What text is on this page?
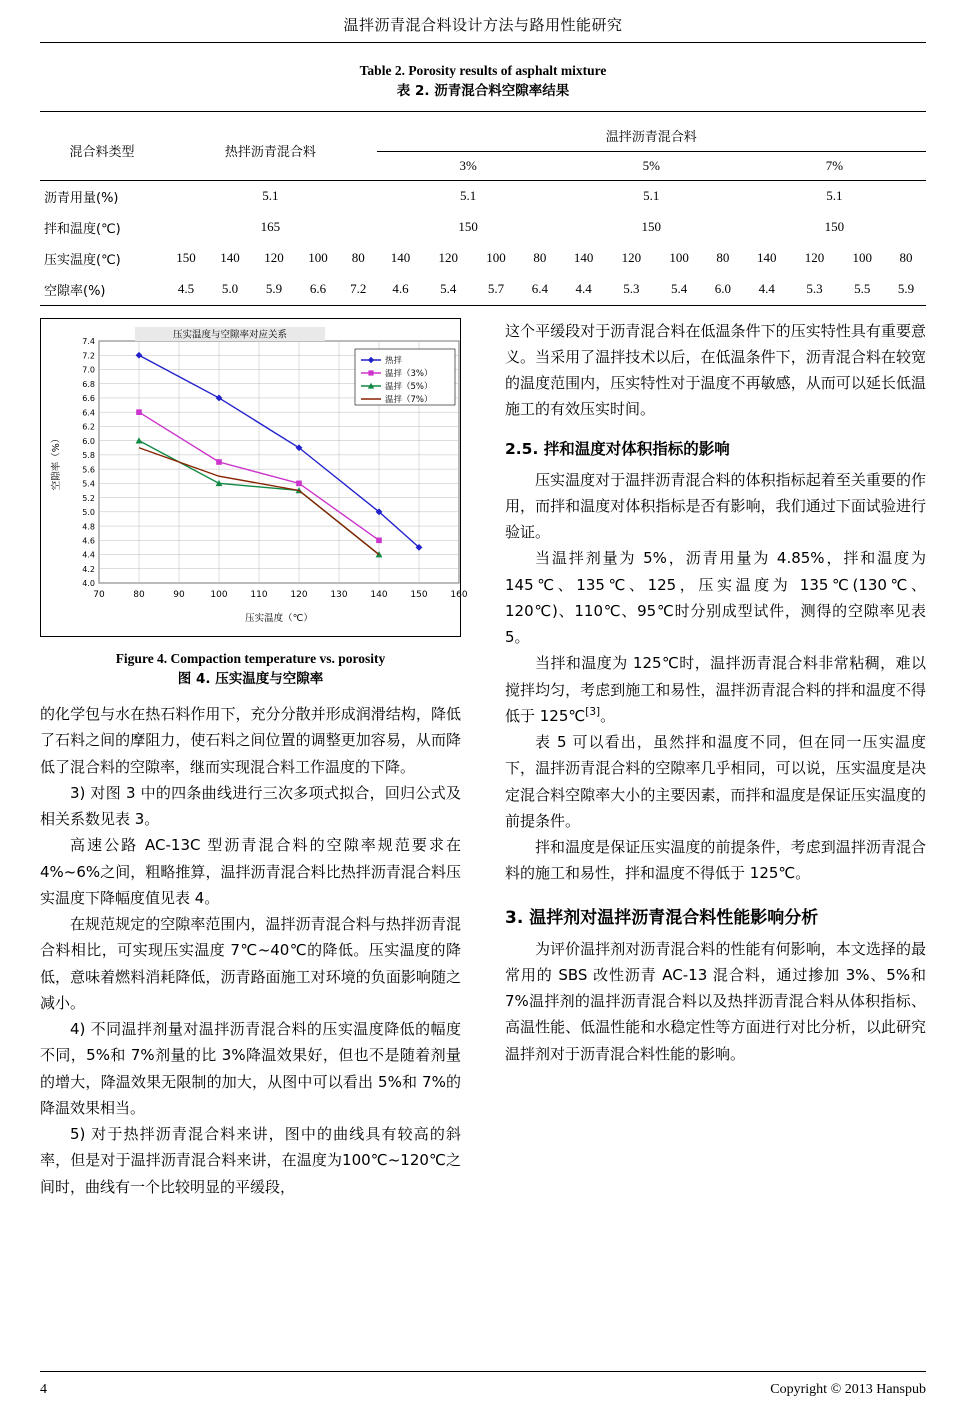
温拌沥青混合料设计方法与路用性能研究
Table 2. Porosity results of asphalt mixture
表 2. 沥青混合料空隙率结果
混合料类型	热拌沥青混合料					温拌沥青混合料											
						3%				5%				7%			
沥青用量(%)	5.1					5.1				5.1				5.1			
拌和温度(℃)	165					150				150				150			
压实温度(℃)	150	140	120	100	80	140	120	100	80	140	120	100	80	140	120	100	80
空隙率(%)	4.5	5.0	5.9	6.6	7.2	4.6	5.4	5.7	6.4	4.4	5.3	5.4	6.0	4.4	5.3	5.5	5.9
4.0
4.2
4.4
4.6
4.8
5.0
5.2
5.4
5.6
5.8
6.0
6.2
6.4
6.6
6.8
7.0
7.2
7.4
70	80	90	100	110	120	130	140	150	160
压实温度与空隙率对应关系
压实温度（℃）
空隙率（%）
热拌
温拌（3%）
温拌（5%）
温拌（7%）
Figure 4. Compaction temperature vs. porosity
图 4. 压实温度与空隙率

的化学包与水在热石料作用下，充分分散并形成润滑结构，降低了石料之间的摩阻力，使石料之间位置的调整更加容易，从而降低了混合料的空隙率，继而实现混合料工作温度的下降。

3) 对图 3 中的四条曲线进行三次多项式拟合，回归公式及相关系数见表 3。

高速公路 AC-13C 型沥青混合料的空隙率规范要求在 4%~6%之间，粗略推算，温拌沥青混合料比热拌沥青混合料压实温度下降幅度值见表 4。

在规范规定的空隙率范围内，温拌沥青混合料与热拌沥青混合料相比，可实现压实温度 7℃~40℃的降低。压实温度的降低，意味着燃料消耗降低，沥青路面施工对环境的负面影响随之减小。

4) 不同温拌剂量对温拌沥青混合料的压实温度降低的幅度不同，5%和 7%剂量的比 3%降温效果好，但也不是随着剂量的增大，降温效果无限制的加大，从图中可以看出 5%和 7%的降温效果相当。

5) 对于热拌沥青混合料来讲，图中的曲线具有较高的斜率，但是对于温拌沥青混合料来讲，在温度为100℃~120℃之间时，曲线有一个比较明显的平缓段，

这个平缓段对于沥青混合料在低温条件下的压实特性具有重要意义。当采用了温拌技术以后，在低温条件下，沥青混合料在较宽的温度范围内，压实特性对于温度不再敏感，从而可以延长低温施工的有效压实时间。

2.5. 拌和温度对体积指标的影响

压实温度对于温拌沥青混合料的体积指标起着至关重要的作用，而拌和温度对体积指标是否有影响，我们通过下面试验进行验证。

当温拌剂量为 5%，沥青用量为 4.85%，拌和温度为 145℃、135℃、125，压实温度为 135℃(130℃、120℃)、110℃、95℃时分别成型试件，测得的空隙率见表 5。

当拌和温度为 125℃时，温拌沥青混合料非常粘稠，难以搅拌均匀，考虑到施工和易性，温拌沥青混合料的拌和温度不得低于 125℃[3]。

表 5 可以看出，虽然拌和温度不同，但在同一压实温度下，温拌沥青混合料的空隙率几乎相同，可以说，压实温度是决定混合料空隙率大小的主要因素，而拌和温度是保证压实温度的前提条件。

拌和温度是保证压实温度的前提条件，考虑到温拌沥青混合料的施工和易性，拌和温度不得低于 125℃。

3. 温拌剂对温拌沥青混合料性能影响分析

为评价温拌剂对沥青混合料的性能有何影响，本文选择的最常用的 SBS 改性沥青 AC-13 混合料，通过掺加 3%、5%和 7%温拌剂的温拌沥青混合料以及热拌沥青混合料从体积指标、高温性能、低温性能和水稳定性等方面进行对比分析，以此研究温拌剂对于沥青混合料性能的影响。

4	Copyright © 2013 Hanspub
